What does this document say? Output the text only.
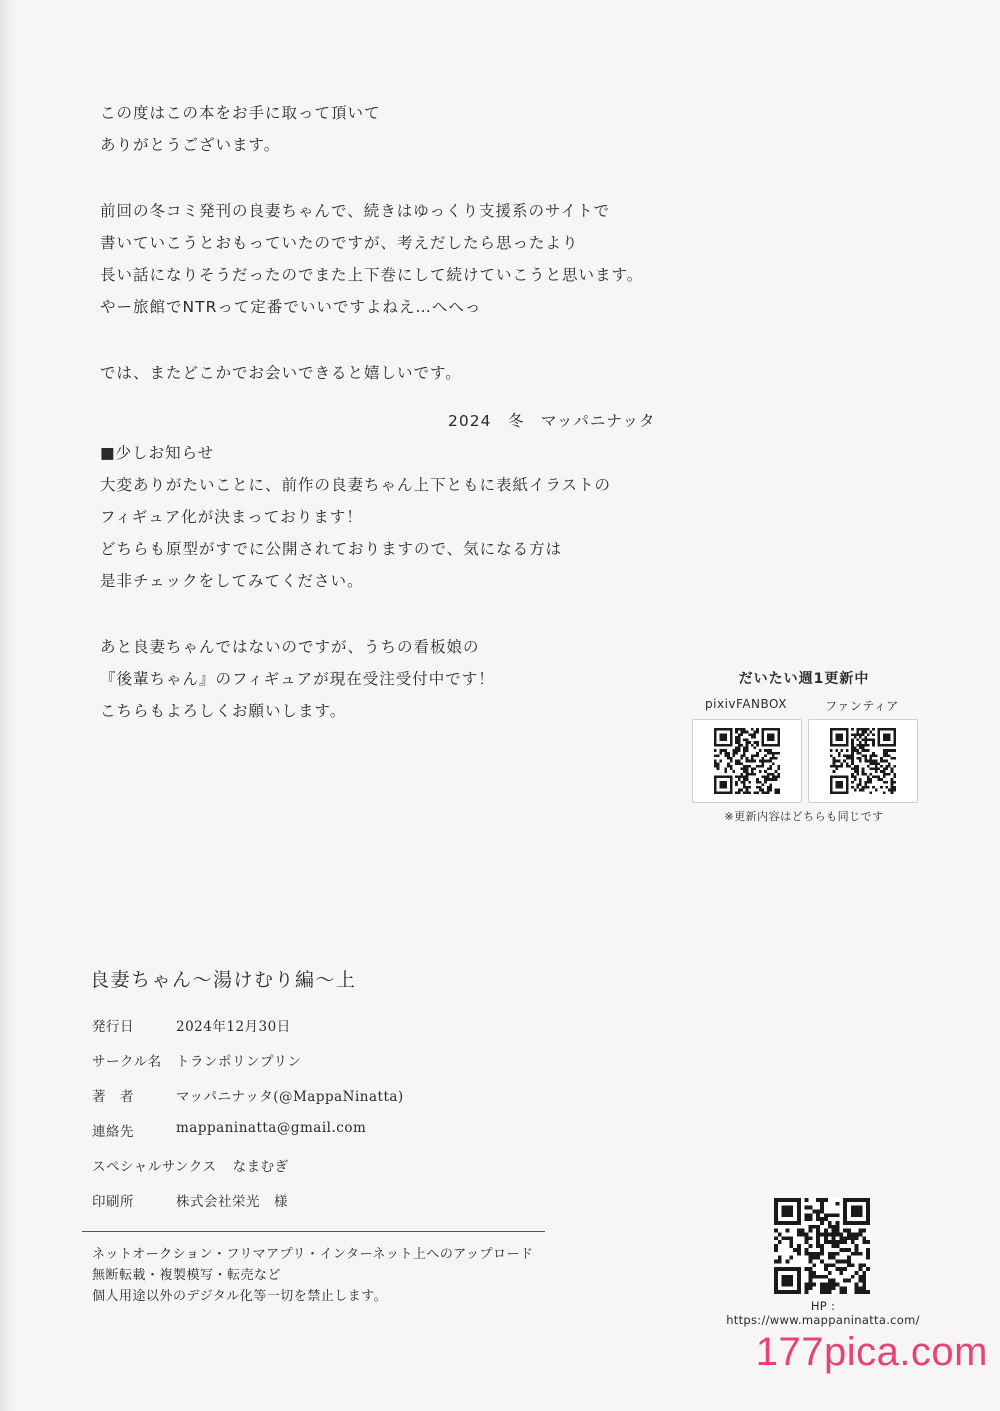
この度はこの本をお手に取って頂いて
ありがとうございます。
前回の冬コミ発刊の良妻ちゃんで、続きはゆっくり支援系のサイトで
書いていこうとおもっていたのですが、考えだしたら思ったより
長い話になりそうだったのでまた上下巻にして続けていこうと思います。
やー旅館でNTRって定番でいいですよねえ…へへっ
では、またどこかでお会いできると嬉しいです。
2024　冬　マッパニナッタ
■少しお知らせ
大変ありがたいことに、前作の良妻ちゃん上下ともに表紙イラストの
フィギュア化が決まっております！
どちらも原型がすでに公開されておりますので、気になる方は
是非チェックをしてみてください。
あと良妻ちゃんではないのですが、うちの看板娘の
『後輩ちゃん』のフィギュアが現在受注受付中です！
こちらもよろしくお願いします。
だいたい週1更新中
pixivFANBOX	ファンティア
※更新内容はどちらも同じです
良妻ちゃん〜湯けむり編〜上
発行日	2024年12月30日
サークル名	トランポリンプリン
著　者	マッパニナッタ(@MappaNinatta)
連絡先	mappaninatta@gmail.com
スペシャルサンクス なまむぎ
印刷所	株式会社栄光　様
ネットオークション・フリマアプリ・インターネット上へのアップロード
無断転載・複製模写・転売など
個人用途以外のデジタル化等一切を禁止します。
HP : https://www.mappaninatta.com/
177pica.com
